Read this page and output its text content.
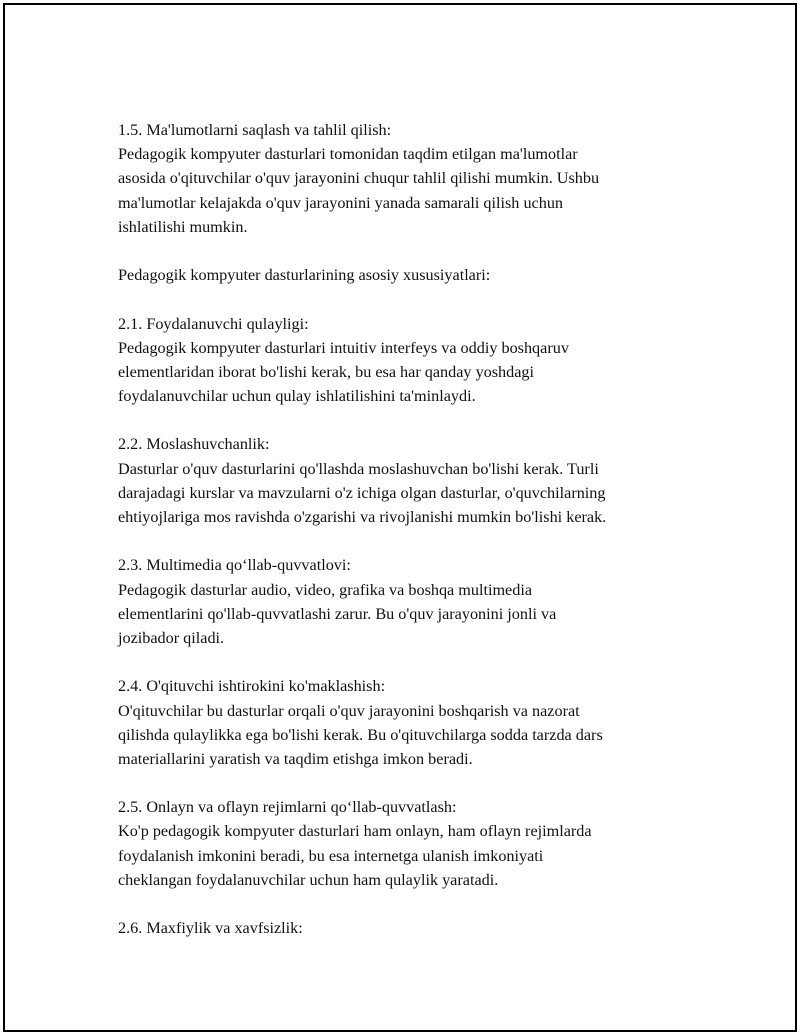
1.5. Ma'lumotlarni saqlash va tahlil qilish:
Pedagogik kompyuter dasturlari tomonidan taqdim etilgan ma'lumotlar
asosida o'qituvchilar o'quv jarayonini chuqur tahlil qilishi mumkin. Ushbu
ma'lumotlar kelajakda o'quv jarayonini yanada samarali qilish uchun
ishlatilishi mumkin.
Pedagogik kompyuter dasturlarining asosiy xususiyatlari:
2.1. Foydalanuvchi qulayligi:
Pedagogik kompyuter dasturlari intuitiv interfeys va oddiy boshqaruv
elementlaridan iborat bo'lishi kerak, bu esa har qanday yoshdagi
foydalanuvchilar uchun qulay ishlatilishini ta'minlaydi.
2.2. Moslashuvchanlik:
Dasturlar o'quv dasturlarini qo'llashda moslashuvchan bo'lishi kerak. Turli
darajadagi kurslar va mavzularni o'z ichiga olgan dasturlar, o'quvchilarning
ehtiyojlariga mos ravishda o'zgarishi va rivojlanishi mumkin bo'lishi kerak.
2.3. Multimedia qo‘llab-quvvatlovi:
Pedagogik dasturlar audio, video, grafika va boshqa multimedia
elementlarini qo'llab-quvvatlashi zarur. Bu o'quv jarayonini jonli va
jozibador qiladi.
2.4. O'qituvchi ishtirokini ko'maklashish:
O'qituvchilar bu dasturlar orqali o'quv jarayonini boshqarish va nazorat
qilishda qulaylikka ega bo'lishi kerak. Bu o'qituvchilarga sodda tarzda dars
materiallarini yaratish va taqdim etishga imkon beradi.
2.5. Onlayn va oflayn rejimlarni qo‘llab-quvvatlash:
Ko'p pedagogik kompyuter dasturlari ham onlayn, ham oflayn rejimlarda
foydalanish imkonini beradi, bu esa internetga ulanish imkoniyati
cheklangan foydalanuvchilar uchun ham qulaylik yaratadi.
2.6. Maxfiylik va xavfsizlik:
